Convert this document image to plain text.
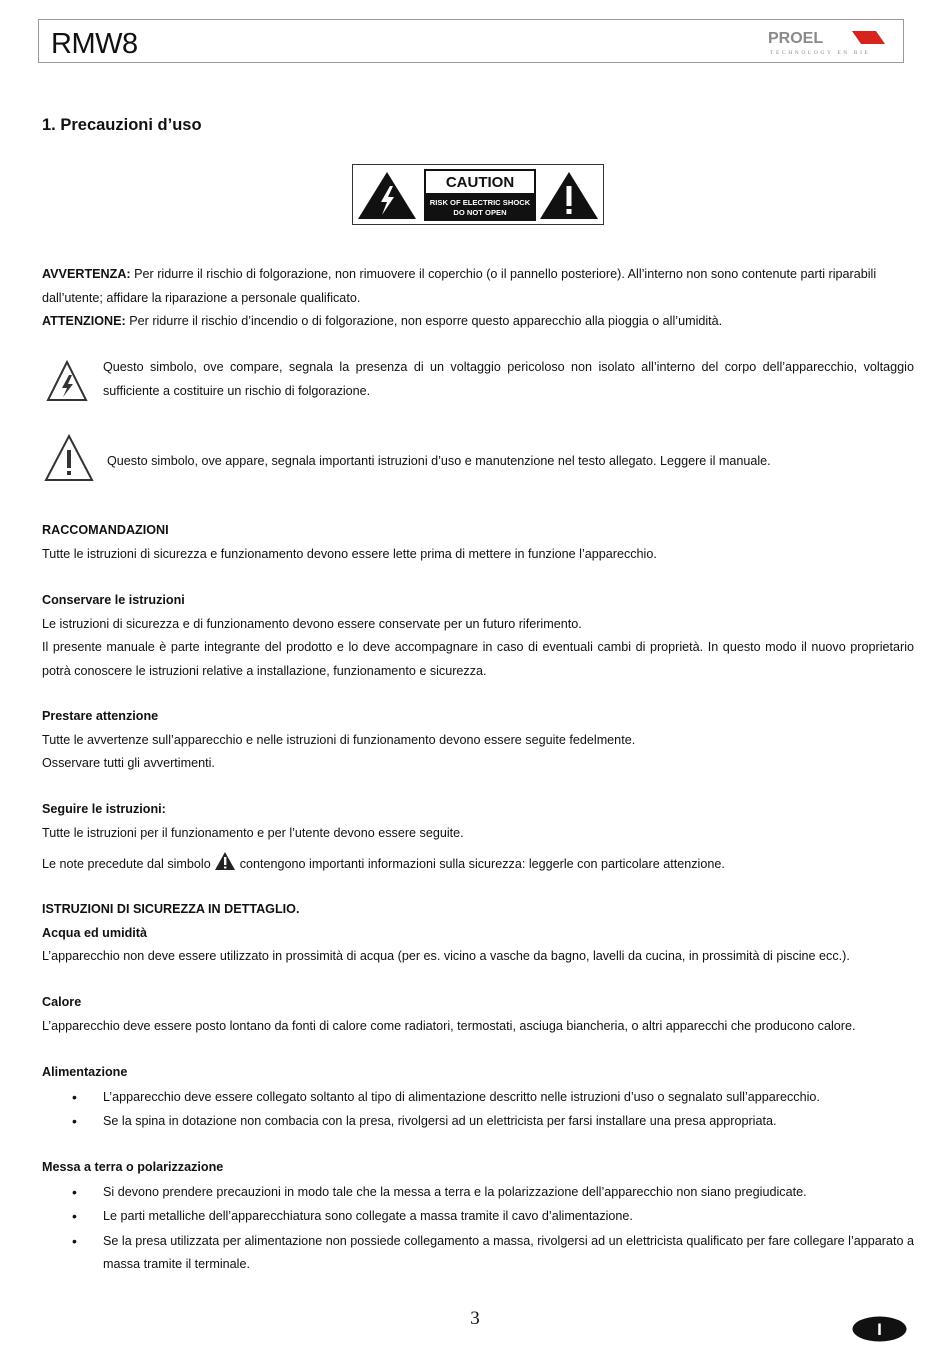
RMW8	PROEL
TECHNOLOGY EN RIE
1. Precauzioni d’uso
CAUTION
RISK OF ELECTRIC SHOCK
DO NOT OPEN
AVVERTENZA: Per ridurre il rischio di folgorazione, non rimuovere il coperchio (o il pannello posteriore). All’interno non sono contenute parti riparabili dall’utente; affidare la riparazione a personale qualificato.
ATTENZIONE: Per ridurre il rischio d’incendio o di folgorazione, non esporre questo apparecchio alla pioggia o all’umidità.
Questo simbolo, ove compare, segnala la presenza di un voltaggio pericoloso non isolato all’interno del corpo dell’apparecchio, voltaggio sufficiente a costituire un rischio di folgorazione.
Questo simbolo, ove appare, segnala importanti istruzioni d’uso e manutenzione nel testo allegato. Leggere il manuale.
RACCOMANDAZIONI
Tutte le istruzioni di sicurezza e funzionamento devono essere lette prima di mettere in funzione l’apparecchio.
Conservare le istruzioni
Le istruzioni di sicurezza e di funzionamento devono essere conservate per un futuro riferimento.
Il presente manuale è parte integrante del prodotto e lo deve accompagnare in caso di eventuali cambi di proprietà. In questo modo il nuovo proprietario potrà conoscere le istruzioni relative a installazione, funzionamento e sicurezza.
Prestare attenzione
Tutte le avvertenze sull’apparecchio e nelle istruzioni di funzionamento devono essere seguite fedelmente.
Osservare tutti gli avvertimenti.
Seguire le istruzioni:
Tutte le istruzioni per il funzionamento e per l’utente devono essere seguite.
Le note precedute dal simbolo  contengono importanti informazioni sulla sicurezza: leggerle con particolare attenzione.
ISTRUZIONI DI SICUREZZA IN DETTAGLIO.
Acqua ed umidità
L’apparecchio non deve essere utilizzato in prossimità di acqua (per es. vicino a vasche da bagno, lavelli da cucina, in prossimità di piscine ecc.).
Calore
L’apparecchio deve essere posto lontano da fonti di calore come radiatori, termostati, asciuga biancheria, o altri apparecchi che producono calore.
Alimentazione
• L’apparecchio deve essere collegato soltanto al tipo di alimentazione descritto nelle istruzioni d’uso o segnalato sull’apparecchio.
• Se la spina in dotazione non combacia con la presa, rivolgersi ad un elettricista per farsi installare una presa appropriata.
Messa a terra o polarizzazione
• Si devono prendere precauzioni in modo tale che la messa a terra e la polarizzazione dell’apparecchio non siano pregiudicate.
• Le parti metalliche dell’apparecchiatura sono collegate a massa tramite il cavo d’alimentazione.
• Se la presa utilizzata per alimentazione non possiede collegamento a massa, rivolgersi ad un elettricista qualificato per fare collegare l’apparato a massa tramite il terminale.
3
I
